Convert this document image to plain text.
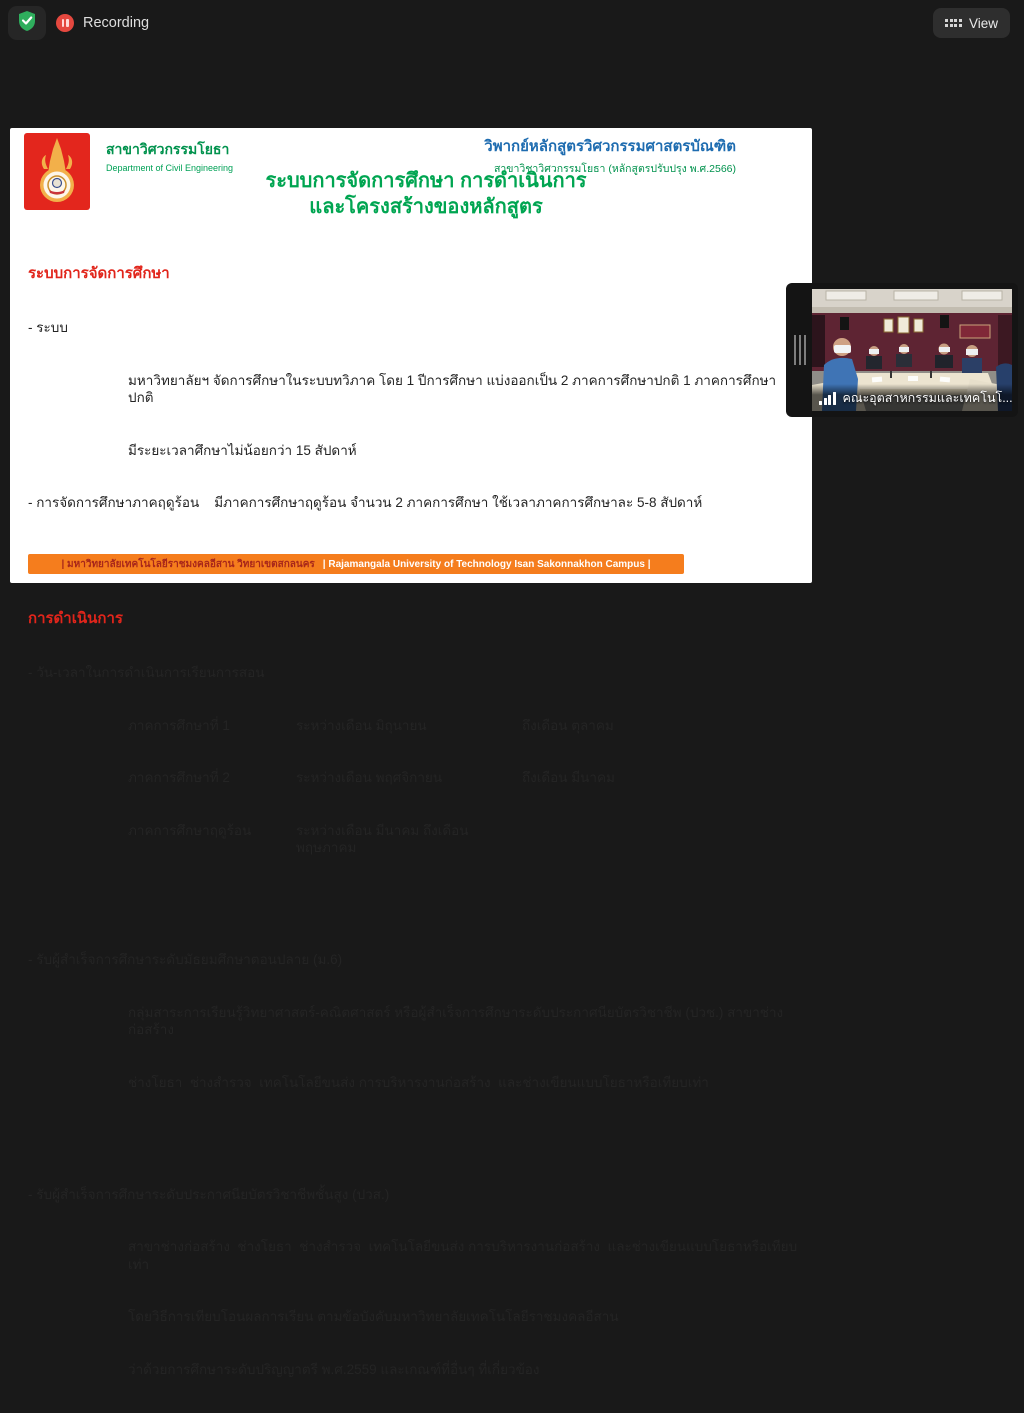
Recording	View
สาขาวิศวกรรมโยธา
Department of Civil Engineering
วิพากย์หลักสูตรวิศวกรรมศาสตรบัณฑิต
สาขาวิชาวิศวกรรมโยธา (หลักสูตรปรับปรุง พ.ศ.2566)
ระบบการจัดการศึกษา การดำเนินการ
และโครงสร้างของหลักสูตร

ระบบการจัดการศึกษา

- ระบบ

มหาวิทยาลัยฯ จัดการศึกษาในระบบทวิภาค โดย 1 ปีการศึกษา แบ่งออกเป็น 2 ภาคการศึกษาปกติ 1 ภาคการศึกษาปกติ

มีระยะเวลาศึกษาไม่น้อยกว่า 15 สัปดาห์

- การจัดการศึกษาภาคฤดูร้อน    มีภาคการศึกษาฤดูร้อน จำนวน 2 ภาคการศึกษา ใช้เวลาภาคการศึกษาละ 5-8 สัปดาห์

การดำเนินการ

- วัน-เวลาในการดำเนินการเรียนการสอน

ภาคการศึกษาที่ 1	ระหว่างเดือน มิถุนายน	ถึงเดือน ตุลาคม

ภาคการศึกษาที่ 2	ระหว่างเดือน พฤศจิกายน	ถึงเดือน มีนาคม

ภาคการศึกษาฤดูร้อน	ระหว่างเดือน มีนาคม ถึงเดือน พฤษภาคม

- รับผู้สำเร็จการศึกษาระดับมัธยมศึกษาตอนปลาย (ม.6)

กลุ่มสาระการเรียนรู้วิทยาศาสตร์-คณิตศาสตร์ หรือผู้สำเร็จการศึกษาระดับประกาศนียบัตรวิชาชีพ (ปวช.) สาขาช่างก่อสร้าง

ช่างโยธา  ช่างสำรวจ  เทคโนโลยีขนส่ง การบริหารงานก่อสร้าง  และช่างเขียนแบบโยธาหรือเทียบเท่า

- รับผู้สำเร็จการศึกษาระดับประกาศนียบัตรวิชาชีพชั้นสูง (ปวส.)

สาขาช่างก่อสร้าง  ช่างโยธา  ช่างสำรวจ  เทคโนโลยีขนส่ง การบริหารงานก่อสร้าง  และช่างเขียนแบบโยธาหรือเทียบเท่า

โดยวิธีการเทียบโอนผลการเรียน ตามข้อบังคับมหาวิทยาลัยเทคโนโลยีราชมงคลอีสาน

ว่าด้วยการศึกษาระดับปริญญาตรี พ.ศ.2559 และเกณฑ์ที่อื่นๆ ที่เกี่ยวข้อง

| มหาวิทยาลัยเทคโนโลยีราชมงคลอีสาน วิทยาเขตสกลนคร | Rajamangala University of Technology Isan Sakonnakhon Campus |
คณะอุตสาหกรรมและเทคโนโ...
